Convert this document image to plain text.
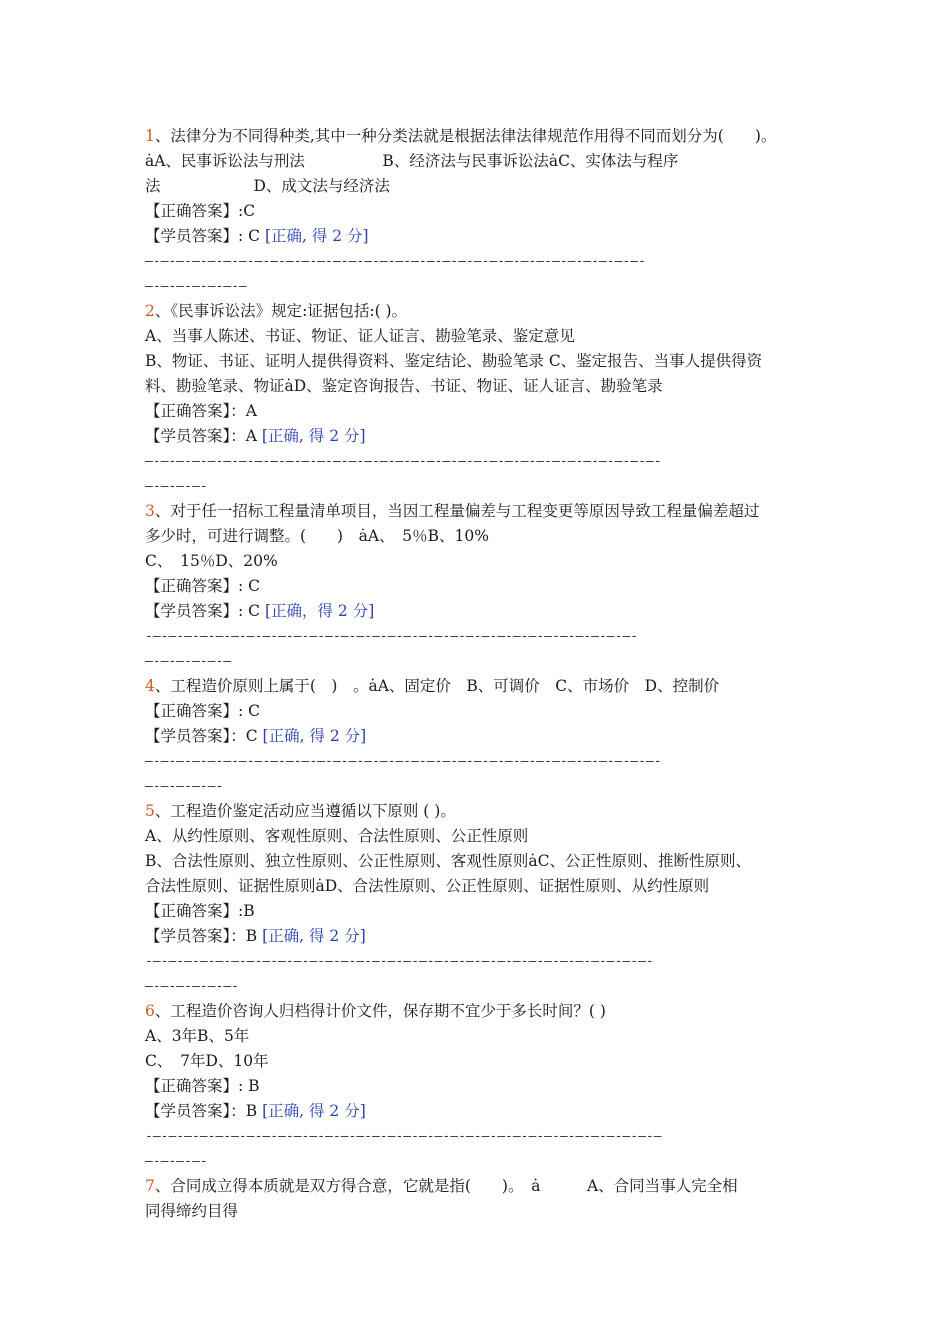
1、法律分为不同得种类,其中一种分类法就是根据法律法律规范作用得不同而划分为(　　)。
ȧA、民事诉讼法与刑法　　　　　B、经济法与民事诉讼法ȧC、实体法与程序
法　　　　　　D、成文法与经济法
【正确答案】:C
【学员答案】: C [正确, 得 2 分]
—-—-—-—-—-—-—-—-—-—-—-—-—-—-—-—-—-—-—-—-—-—-—-—-—-—-—-—-—-—-—-—-
—-—-—-—-—-—-—
2、《民事诉讼法》规定:证据包括:( )。
A、当事人陈述、书证、物证、证人证言、勘验笔录、鉴定意见
B、物证、书证、证明人提供得资料、鉴定结论、勘验笔录 C、鉴定报告、当事人提供得资
料、勘验笔录、物证ȧD、鉴定咨询报告、书证、物证、证人证言、勘验笔录
【正确答案】：A
【学员答案】：A [正确, 得 2 分]
—-—-—-—-—-—-—-—-—-—-—-—-—-—-—-—-—-—-—-—-—-—-—-—-—-—-—-—-—-—-—-—-—-
—-—-—-—-
3、对于任一招标工程量清单项目，当因工程量偏差与工程变更等原因导致工程量偏差超过
多少时，可进行调整。(　　)　ȧA、　5％B、10%
C、　15％D、20%
【正确答案】: C
【学员答案】: C [正确，得 2 分]
-—-—-—-—-—-—-—-—-—-—-—-—-—-—-—-—-—-—-—-—-—-—-—-—-—-—-—-—-—-—-—-
—-—-—-—-—-—
4、工程造价原则上属于(　)　。ȧA、固定价　B、可调价　C、市场价　D、控制价
【正确答案】: C
【学员答案】：C [正确, 得 2 分]
—-—-—-—-—-—-—-—-—-—-—-—-—-—-—-—-—-—-—-—-—-—-—-—-—-—-—-—-—-—-—-—-—-
—-—-—-—-—-
5、工程造价鉴定活动应当遵循以下原则 ( )。
A、从约性原则、客观性原则、合法性原则、公正性原则
B、合法性原则、独立性原则、公正性原则、客观性原则ȧC、公正性原则、推断性原则、
合法性原则、证据性原则ȧD、合法性原则、公正性原则、证据性原则、从约性原则
【正确答案】:B
【学员答案】：B [正确, 得 2 分]
-—-—-—-—-—-—-—-—-—-—-—-—-—-—-—-—-—-—-—-—-—-—-—-—-—-—-—-—-—-—-—-—-
—-—-—-—-—-—-
6、工程造价咨询人归档得计价文件，保存期不宜少于多长时间？( )
A、3年B、5年
C、　7年D、10年
【正确答案】: B
【学员答案】：B [正确, 得 2 分]
-—-—-—-—-—-—-—-—-—-—-—-—-—-—-—-—-—-—-—-—-—-—-—-—-—-—-—-—-—-—-—-—-—
—-—-—-—-
7、合同成立得本质就是双方得合意，它就是指(　　)。　ȧ　　　A、合同当事人完全相
同得缔约目得
